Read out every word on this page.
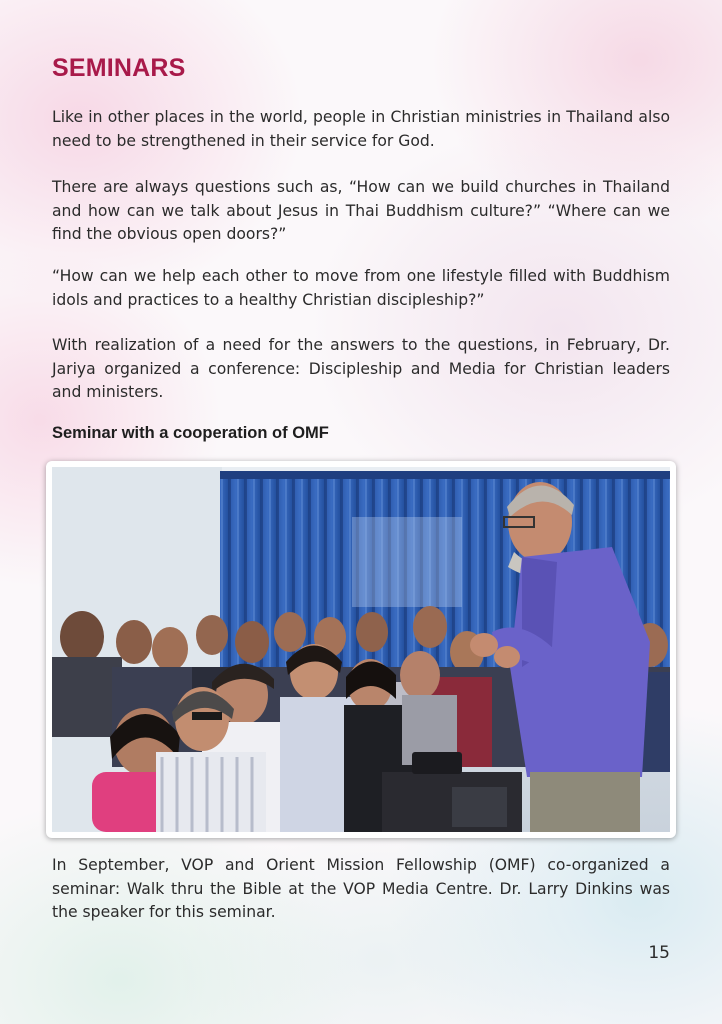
SEMINARS

Like in other places in the world, people in Christian ministries in Thailand also need to be strengthened in their service for God.

There are always questions such as, “How can we build churches in Thailand and how can we talk about Jesus in Thai Buddhism culture?” “Where can we find the obvious open doors?”

“How can we help each other to move from one lifestyle filled with Buddhism idols and practices to a healthy Christian discipleship?”

With realization of a need for the answers to the questions, in February, Dr. Jariya organized a conference: Discipleship and Media for Christian leaders and ministers.

Seminar with a cooperation of OMF

In September, VOP and Orient Mission Fellowship (OMF) co-organized a seminar: Walk thru the Bible at the VOP Media Centre. Dr. Larry Dinkins was the speaker for this seminar.

15
